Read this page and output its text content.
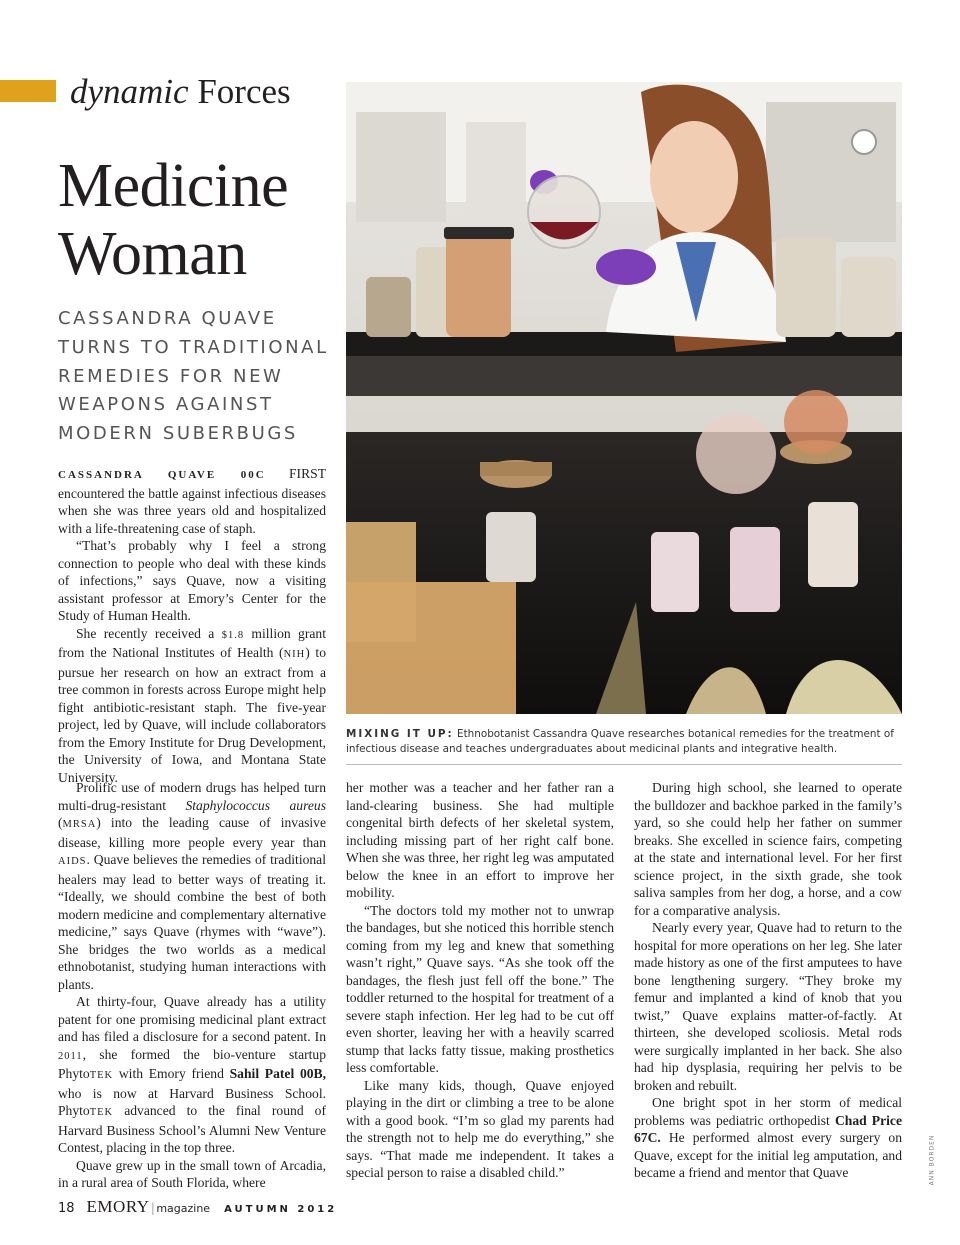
dynamic Forces
Medicine
Woman
CASSANDRA QUAVE
TURNS TO TRADITIONAL
REMEDIES FOR NEW
WEAPONS AGAINST
MODERN SUBERBUGS
MIXING IT UP: Ethnobotanist Cassandra Quave researches botanical remedies for the treatment of infectious disease and teaches undergraduates about medicinal plants and integrative health.

CASSANDRA QUAVE 00C FIRST encountered the battle against infectious diseases when she was three years old and hospitalized with a life-threatening case of staph.

“That’s probably why I feel a strong connection to people who deal with these kinds of infections,” says Quave, now a visiting assistant professor at Emory’s Center for the Study of Human Health.

She recently received a $1.8 million grant from the National Institutes of Health (NIH) to pursue her research on how an extract from a tree common in forests across Europe might help fight antibiotic-resistant staph. The five-year project, led by Quave, will include collaborators from the Emory Institute for Drug Development, the University of Iowa, and Montana State University.

Prolific use of modern drugs has helped turn multi-drug-resistant Staphylococcus aureus (MRSA) into the leading cause of invasive disease, killing more people every year than AIDS. Quave believes the remedies of traditional healers may lead to better ways of treating it. “Ideally, we should combine the best of both modern medicine and complementary alternative medicine,” says Quave (rhymes with “wave”). She bridges the two worlds as a medical ethnobotanist, studying human interactions with plants.

At thirty-four, Quave already has a utility patent for one promising medicinal plant extract and has filed a disclosure for a second patent. In 2011, she formed the bio-venture startup PhytoTEK with Emory friend Sahil Patel 00B, who is now at Harvard Business School. PhytoTEK advanced to the final round of Harvard Business School’s Alumni New Venture Contest, placing in the top three.

Quave grew up in the small town of Arcadia, in a rural area of South Florida, where

her mother was a teacher and her father ran a land-clearing business. She had multiple congenital birth defects of her skeletal system, including missing part of her right calf bone. When she was three, her right leg was amputated below the knee in an effort to improve her mobility.

“The doctors told my mother not to unwrap the bandages, but she noticed this horrible stench coming from my leg and knew that something wasn’t right,” Quave says. “As she took off the bandages, the flesh just fell off the bone.” The toddler returned to the hospital for treatment of a severe staph infection. Her leg had to be cut off even shorter, leaving her with a heavily scarred stump that lacks fatty tissue, making prosthetics less comfortable.

Like many kids, though, Quave enjoyed playing in the dirt or climbing a tree to be alone with a good book. “I’m so glad my parents had the strength not to help me do everything,” she says. “That made me independent. It takes a special person to raise a disabled child.”

During high school, she learned to operate the bulldozer and backhoe parked in the family’s yard, so she could help her father on summer breaks. She excelled in science fairs, competing at the state and international level. For her first science project, in the sixth grade, she took saliva samples from her dog, a horse, and a cow for a comparative analysis.

Nearly every year, Quave had to return to the hospital for more operations on her leg. She later made history as one of the first amputees to have bone lengthening surgery. “They broke my femur and implanted a kind of knob that you twist,” Quave explains matter-of-factly. At thirteen, she developed scoliosis. Metal rods were surgically implanted in her back. She also had hip dysplasia, requiring her pelvis to be broken and rebuilt.

One bright spot in her storm of medical problems was pediatric orthopedist Chad Price 67C. He performed almost every surgery on Quave, except for the initial leg amputation, and became a friend and mentor that Quave

18 EMORY | magazine AUTUMN 2012
ANN BORDEN
